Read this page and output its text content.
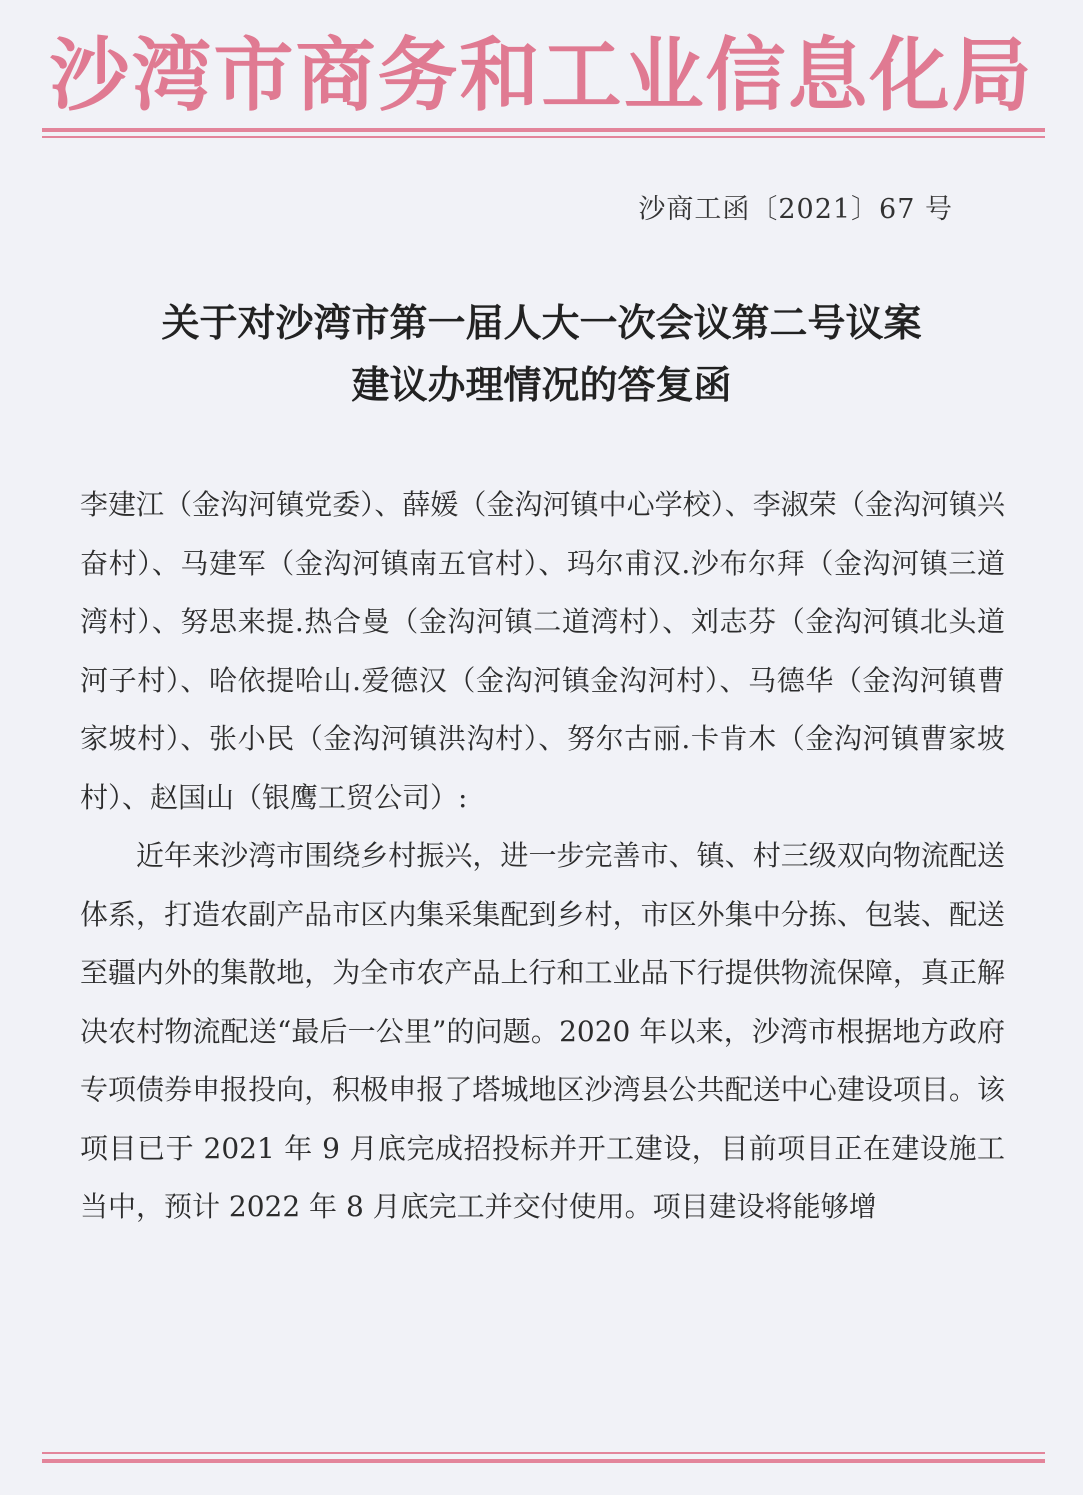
沙湾市商务和工业信息化局
沙商工函〔2021〕67 号
关于对沙湾市第一届人大一次会议第二号议案
建议办理情况的答复函

李建江（金沟河镇党委）、薛媛（金沟河镇中心学校）、李淑荣（金沟河镇兴奋村）、马建军（金沟河镇南五官村）、玛尔甫汉.沙布尔拜（金沟河镇三道湾村）、努思来提.热合曼（金沟河镇二道湾村）、刘志芬（金沟河镇北头道河子村）、哈依提哈山.爱德汉（金沟河镇金沟河村）、马德华（金沟河镇曹家坡村）、张小民（金沟河镇洪沟村）、努尔古丽.卡肯木（金沟河镇曹家坡村）、赵国山（银鹰工贸公司）:

近年来沙湾市围绕乡村振兴，进一步完善市、镇、村三级双向物流配送体系，打造农副产品市区内集采集配到乡村，市区外集中分拣、包装、配送至疆内外的集散地，为全市农产品上行和工业品下行提供物流保障，真正解决农村物流配送“最后一公里”的问题。2020 年以来，沙湾市根据地方政府专项债券申报投向，积极申报了塔城地区沙湾县公共配送中心建设项目。该项目已于 2021 年 9 月底完成招投标并开工建设，目前项目正在建设施工当中，预计 2022 年 8 月底完工并交付使用。项目建设将能够增
